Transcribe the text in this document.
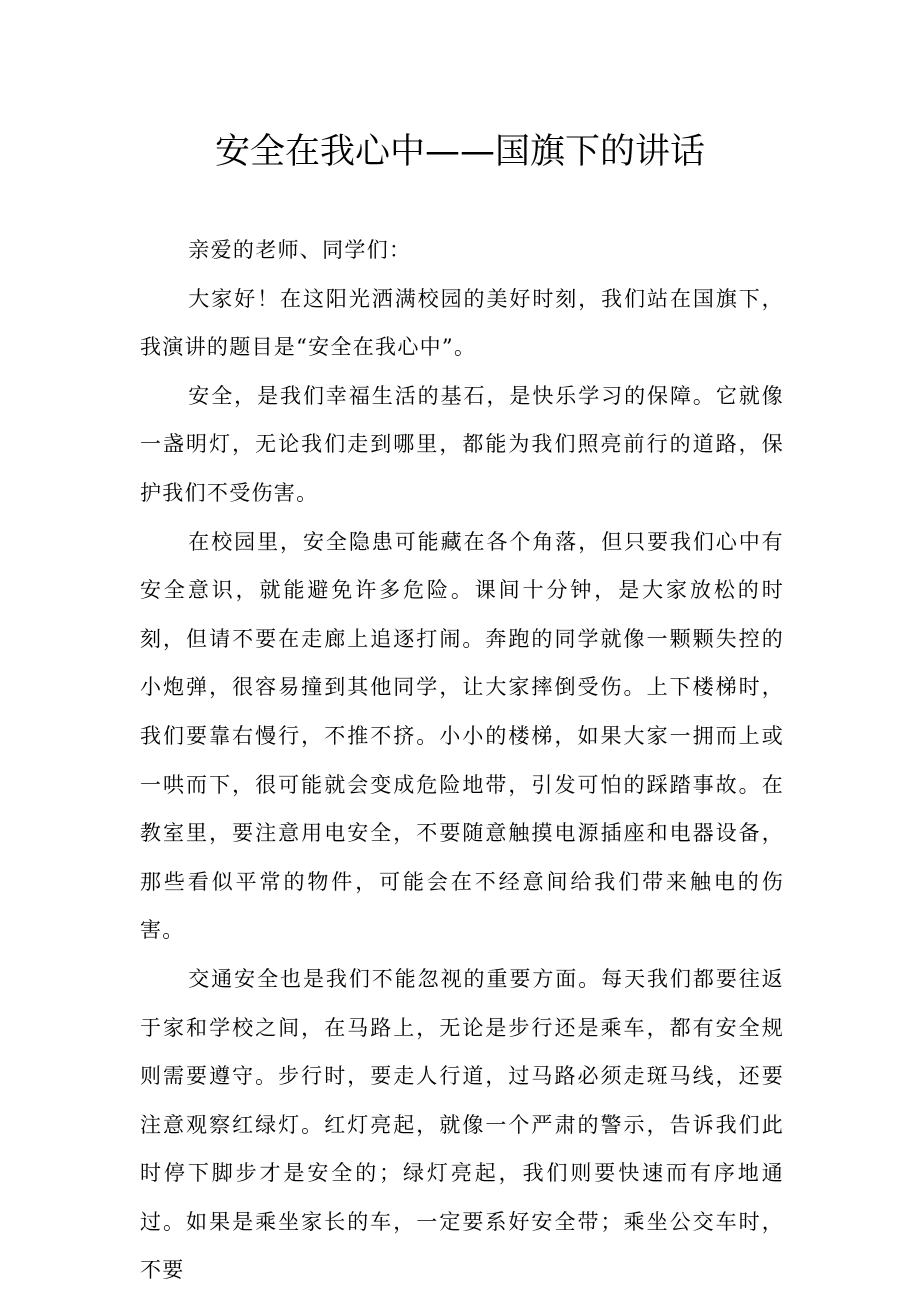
安全在我心中——国旗下的讲话

亲爱的老师、同学们：

大家好！在这阳光洒满校园的美好时刻，我们站在国旗下，我演讲的题目是“安全在我心中”。

安全，是我们幸福生活的基石，是快乐学习的保障。它就像一盏明灯，无论我们走到哪里，都能为我们照亮前行的道路，保护我们不受伤害。

在校园里，安全隐患可能藏在各个角落，但只要我们心中有安全意识，就能避免许多危险。课间十分钟，是大家放松的时刻，但请不要在走廊上追逐打闹。奔跑的同学就像一颗颗失控的小炮弹，很容易撞到其他同学，让大家摔倒受伤。上下楼梯时，我们要靠右慢行，不推不挤。小小的楼梯，如果大家一拥而上或一哄而下，很可能就会变成危险地带，引发可怕的踩踏事故。在教室里，要注意用电安全，不要随意触摸电源插座和电器设备，那些看似平常的物件，可能会在不经意间给我们带来触电的伤害。

交通安全也是我们不能忽视的重要方面。每天我们都要往返于家和学校之间，在马路上，无论是步行还是乘车，都有安全规则需要遵守。步行时，要走人行道，过马路必须走斑马线，还要注意观察红绿灯。红灯亮起，就像一个严肃的警示，告诉我们此时停下脚步才是安全的；绿灯亮起，我们则要快速而有序地通过。如果是乘坐家长的车，一定要系好安全带；乘坐公交车时，不要
